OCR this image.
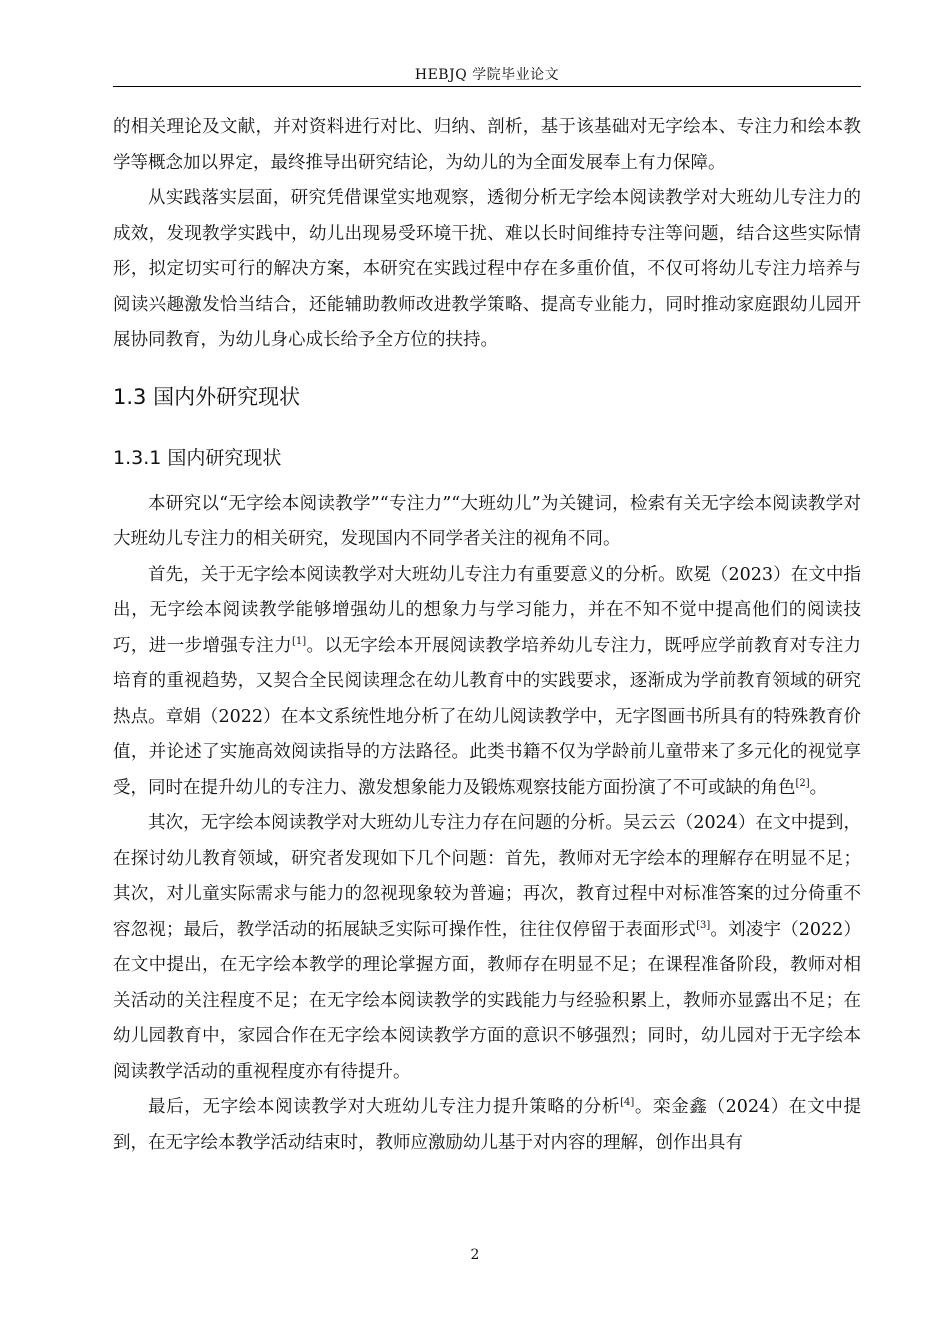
HEBJQ 学院毕业论文

的相关理论及文献，并对资料进行对比、归纳、剖析，基于该基础对无字绘本、专注力和绘本教学等概念加以界定，最终推导出研究结论，为幼儿的为全面发展奉上有力保障。

从实践落实层面，研究凭借课堂实地观察，透彻分析无字绘本阅读教学对大班幼儿专注力的成效，发现教学实践中，幼儿出现易受环境干扰、难以长时间维持专注等问题，结合这些实际情形，拟定切实可行的解决方案，本研究在实践过程中存在多重价值，不仅可将幼儿专注力培养与阅读兴趣激发恰当结合，还能辅助教师改进教学策略、提高专业能力，同时推动家庭跟幼儿园开展协同教育，为幼儿身心成长给予全方位的扶持。

1.3 国内外研究现状
1.3.1 国内研究现状

本研究以“无字绘本阅读教学”“专注力”“大班幼儿”为关键词，检索有关无字绘本阅读教学对大班幼儿专注力的相关研究，发现国内不同学者关注的视角不同。

首先，关于无字绘本阅读教学对大班幼儿专注力有重要意义的分析。欧冕（2023）在文中指出，无字绘本阅读教学能够增强幼儿的想象力与学习能力，并在不知不觉中提高他们的阅读技巧，进一步增强专注力[1]。以无字绘本开展阅读教学培养幼儿专注力，既呼应学前教育对专注力培育的重视趋势，又契合全民阅读理念在幼儿教育中的实践要求，逐渐成为学前教育领域的研究热点。章娟（2022）在本文系统性地分析了在幼儿阅读教学中，无字图画书所具有的特殊教育价值，并论述了实施高效阅读指导的方法路径。此类书籍不仅为学龄前儿童带来了多元化的视觉享受，同时在提升幼儿的专注力、激发想象能力及锻炼观察技能方面扮演了不可或缺的角色[2]。

其次，无字绘本阅读教学对大班幼儿专注力存在问题的分析。吴云云（2024）在文中提到，在探讨幼儿教育领域，研究者发现如下几个问题：首先，教师对无字绘本的理解存在明显不足；其次，对儿童实际需求与能力的忽视现象较为普遍；再次，教育过程中对标准答案的过分倚重不容忽视；最后，教学活动的拓展缺乏实际可操作性，往往仅停留于表面形式[3]。刘凌宇（2022）在文中提出，在无字绘本教学的理论掌握方面，教师存在明显不足；在课程准备阶段，教师对相关活动的关注程度不足；在无字绘本阅读教学的实践能力与经验积累上，教师亦显露出不足；在幼儿园教育中，家园合作在无字绘本阅读教学方面的意识不够强烈；同时，幼儿园对于无字绘本阅读教学活动的重视程度亦有待提升。

最后，无字绘本阅读教学对大班幼儿专注力提升策略的分析[4]。栾金鑫（2024）在文中提到，在无字绘本教学活动结束时，教师应激励幼儿基于对内容的理解，创作出具有

2
